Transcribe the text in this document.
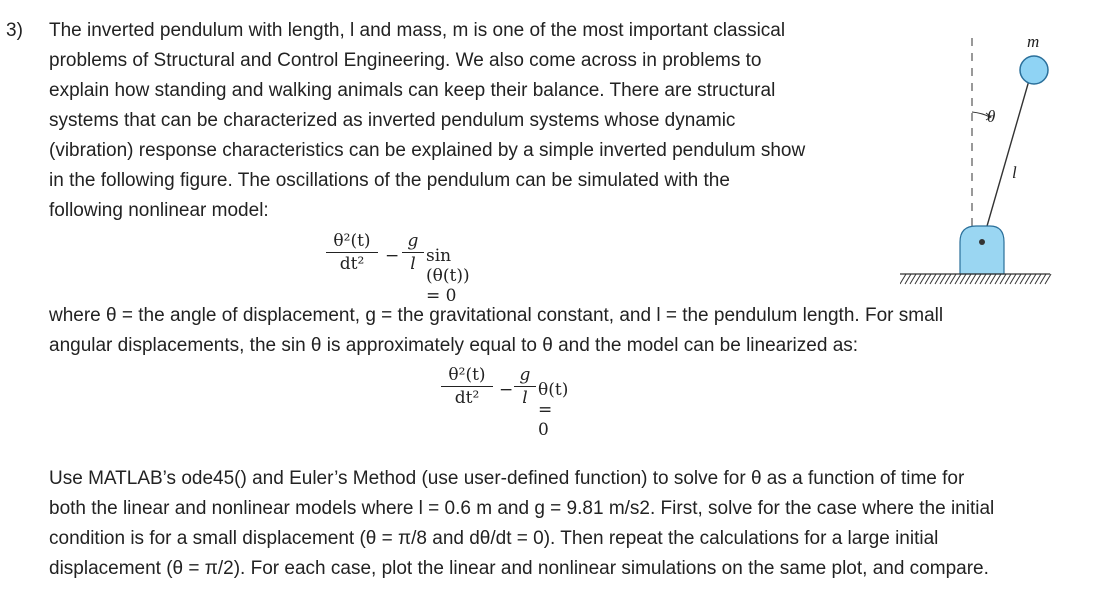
3) The inverted pendulum with length, l and mass, m is one of the most important classical
problems of Structural and Control Engineering. We also come across in problems to
explain how standing and walking animals can keep their balance. There are structural
systems that can be characterized as inverted pendulum systems whose dynamic
(vibration) response characteristics can be explained by a simple inverted pendulum show
in the following figure. The oscillations of the pendulum can be simulated with the
following nonlinear model:
θ²(t)
dt²	−
g
l sin (θ(t)) = 0
where θ = the angle of displacement, g = the gravitational constant, and l = the pendulum length. For small
angular displacements, the sin θ is approximately equal to θ and the model can be linearized as:
θ²(t)
dt²	−
g
l θ(t) = 0
Use MATLAB’s ode45() and Euler’s Method (use user-defined function) to solve for θ as a function of time for
both the linear and nonlinear models where l = 0.6 m and g = 9.81 m/s2. First, solve for the case where the initial
condition is for a small displacement (θ = π/8 and dθ/dt = 0). Then repeat the calculations for a large initial
displacement (θ = π/2). For each case, plot the linear and nonlinear simulations on the same plot, and compare.
m
θ
l
